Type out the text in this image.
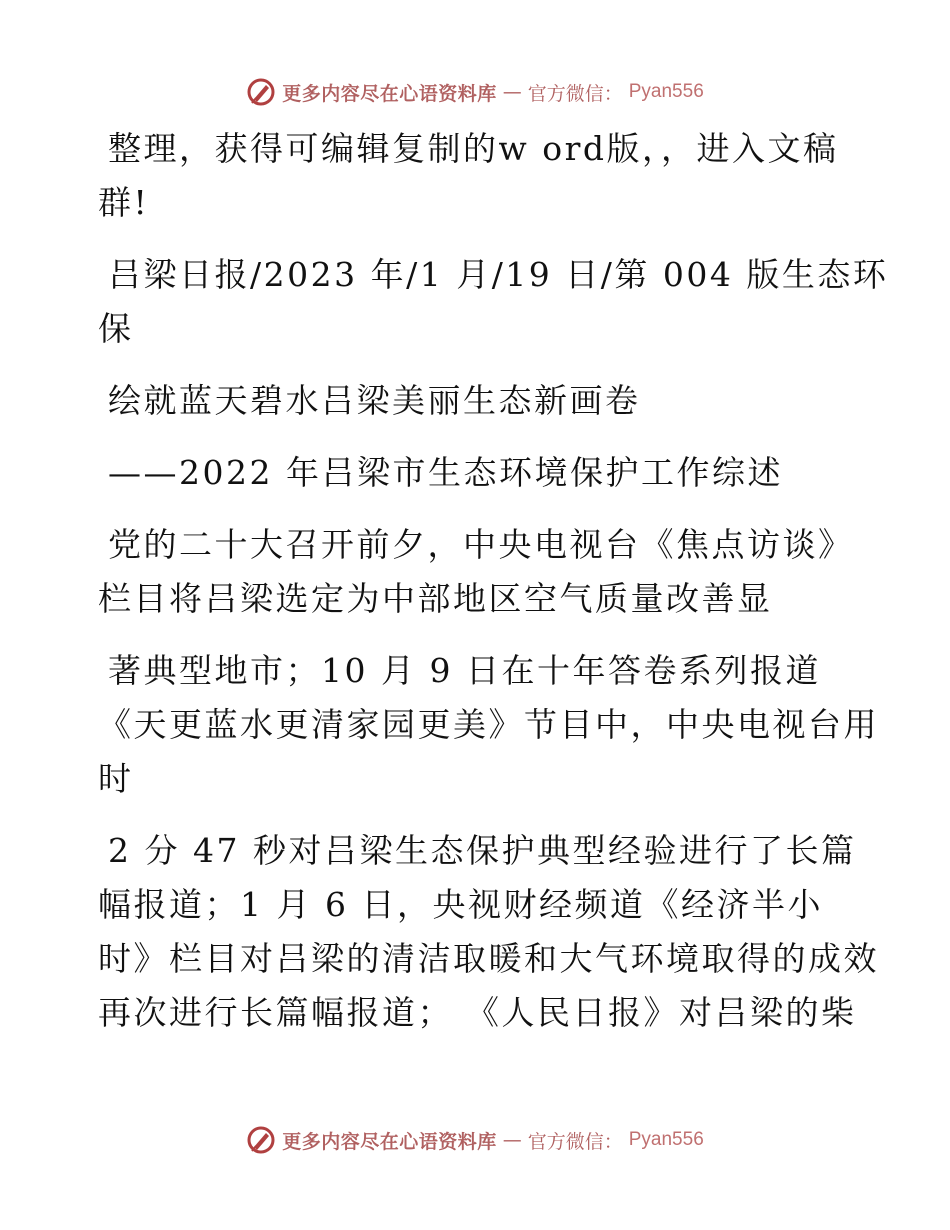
更多内容尽在心语资料库 — 官方微信： Pyan556

整理，获得可编辑复制的w ord版，，进入文稿

群!

吕梁日报/2023 年/1 月/19 日/第 004 版生态环

保

绘就蓝天碧水吕梁美丽生态新画卷

——2022 年吕梁市生态环境保护工作综述

党的二十大召开前夕，中央电视台《焦点访谈》

栏目将吕梁选定为中部地区空气质量改善显

著典型地市；10 月 9 日在十年答卷系列报道

《天更蓝水更清家园更美》节目中，中央电视台用

时

2 分 47 秒对吕梁生态保护典型经验进行了长篇

幅报道；1 月 6 日，央视财经频道《经济半小

时》栏目对吕梁的清洁取暖和大气环境取得的成效

再次进行长篇幅报道； 《人民日报》对吕梁的柴

更多内容尽在心语资料库 — 官方微信： Pyan556
